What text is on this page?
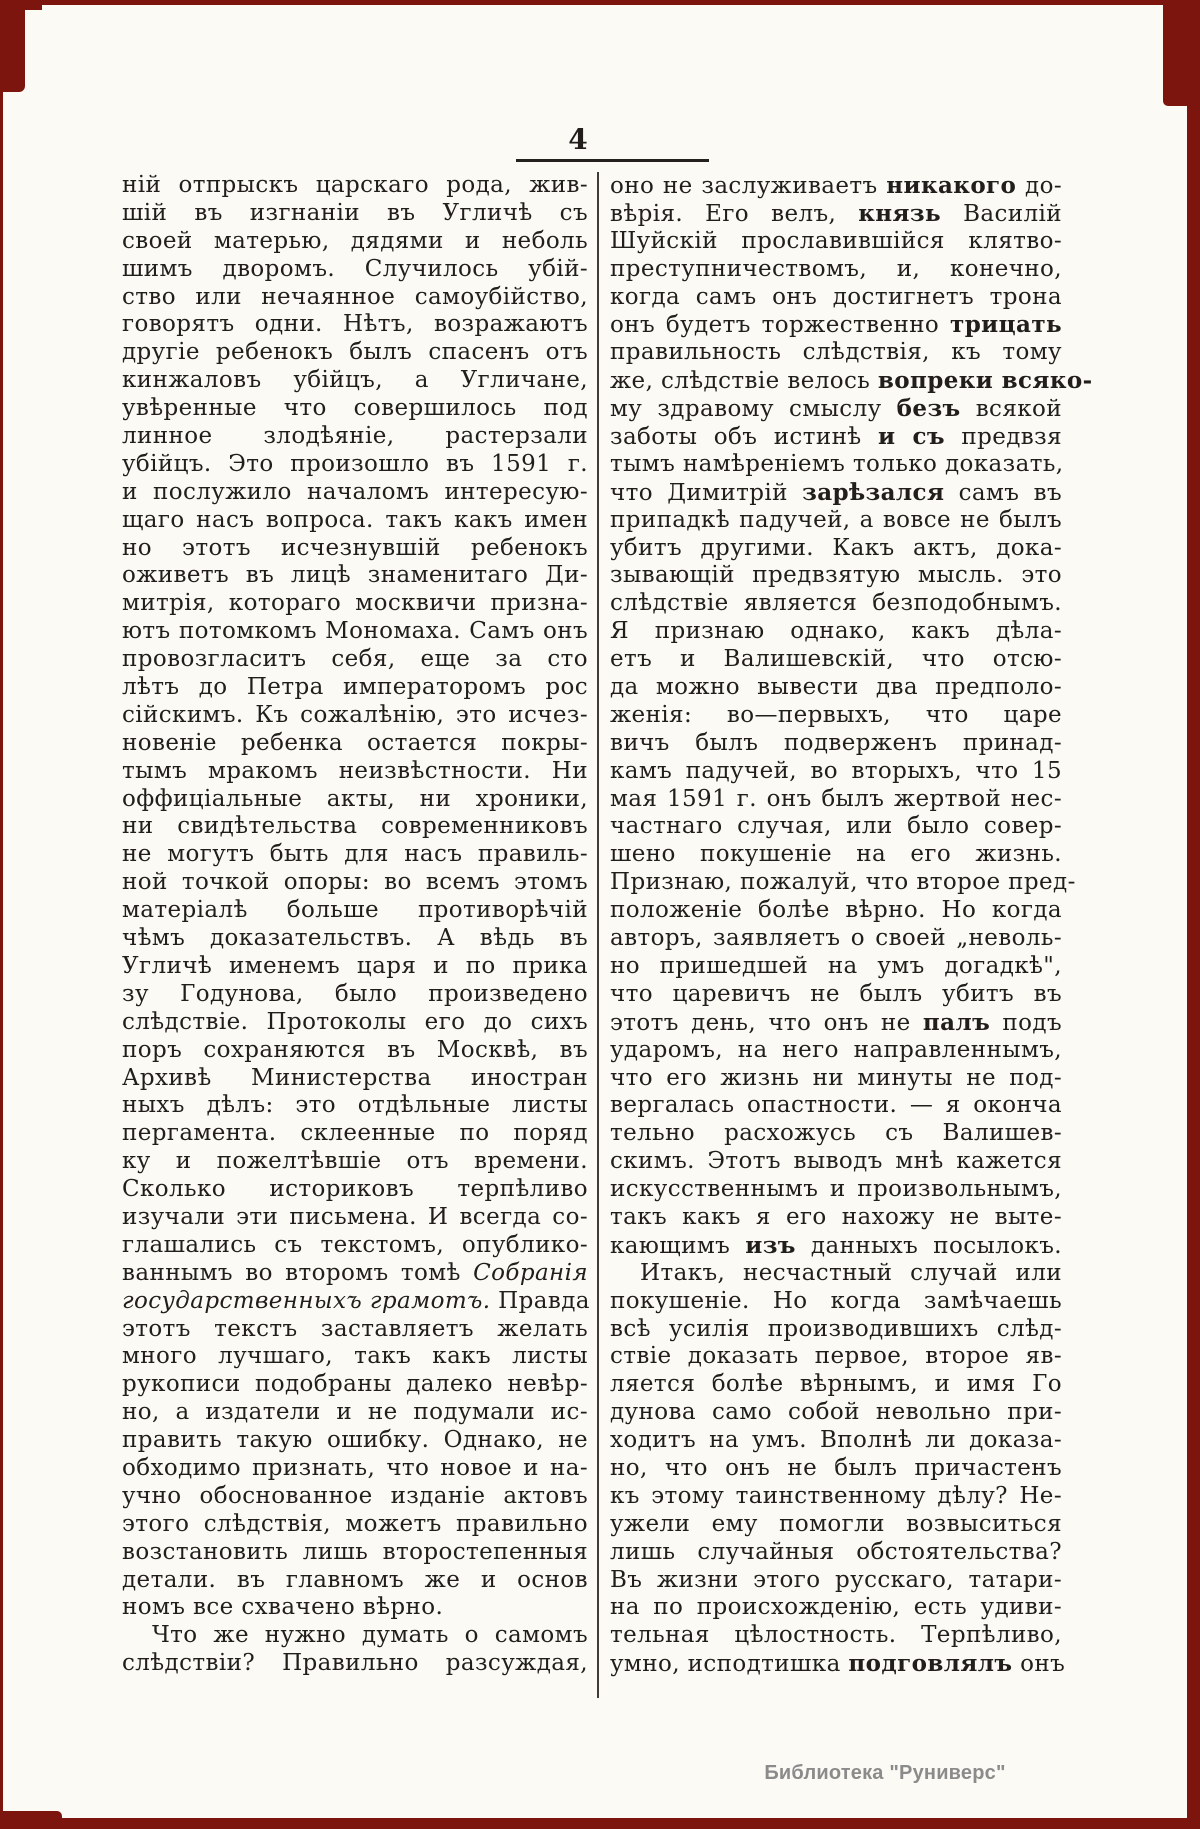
4
ній отпрыскъ царскаго рода, жив-
шій въ изгнаніи въ Угличѣ съ
своей матерью, дядями и неболь
шимъ дворомъ. Случилось убій-
ство или нечаянное самоубійство,
говорятъ одни. Нѣтъ, возражаютъ
другіе ребенокъ былъ спасенъ отъ
кинжаловъ убійцъ, а Угличане,
увѣренные что совершилось под
линное злодѣяніе, растерзали
убійцъ. Это произошло въ 1591 г.
и послужило началомъ интересую-
щаго насъ вопроса. такъ какъ имен
но этотъ исчезнувшій ребенокъ
оживетъ въ лицѣ знаменитаго Ди-
митрія, котораго москвичи призна-
ютъ потомкомъ Мономаха. Самъ онъ
провозгласитъ себя, еще за сто
лѣтъ до Петра императоромъ рос
сійскимъ. Къ сожалѣнію, это исчез-
новеніе ребенка остается покры-
тымъ мракомъ неизвѣстности. Ни
оффиціальные акты, ни хроники,
ни свидѣтельства современниковъ
не могутъ быть для насъ правиль-
ной точкой опоры: во всемъ этомъ
матеріалѣ больше противорѣчій
чѣмъ доказательствъ. А вѣдь въ
Угличѣ именемъ царя и по прика
зу Годунова, было произведено
слѣдствіе. Протоколы его до сихъ
поръ сохраняются въ Москвѣ, въ
Архивѣ Министерства иностран
ныхъ дѣлъ: это отдѣльные листы
пергамента. склеенные по поряд
ку и пожелтѣвшіе отъ времени.
Сколько историковъ терпѣливо
изучали эти письмена. И всегда со-
глашались съ текстомъ, опублико-
ваннымъ во второмъ томѣ Собранія
государственныхъ грамотъ. Правда
этотъ текстъ заставляетъ желать
много лучшаго, такъ какъ листы
рукописи подобраны далеко невѣр-
но, а издатели и не подумали ис-
править такую ошибку. Однако, не
обходимо признать, что новое и на-
учно обоснованное изданіе актовъ
этого слѣдствія, можетъ правильно
возстановить лишь второстепенныя
детали. въ главномъ же и основ
номъ все схвачено вѣрно.
Что же нужно думать о самомъ
слѣдствіи? Правильно разсуждая,
оно не заслуживаетъ никакого до-
вѣрія. Его велъ, князь Василій
Шуйскій прославившійся клятво-
преступничествомъ, и, конечно,
когда самъ онъ достигнетъ трона
онъ будетъ торжественно трицать
правильность слѣдствія, къ тому
же, слѣдствіе велось вопреки всяко-
му здравому смыслу безъ всякой
заботы объ истинѣ и съ предвзя
тымъ намѣреніемъ только доказать,
что Димитрій зарѣзался самъ въ
припадкѣ падучей, а вовсе не былъ
убитъ другими. Какъ актъ, дока-
зывающій предвзятую мысль. это
слѣдствіе является безподобнымъ.
Я признаю однако, какъ дѣла-
етъ и Валишевскій, что отсю-
да можно вывести два предполо-
женія: во—первыхъ, что царе
вичъ былъ подверженъ принад-
камъ падучей, во вторыхъ, что 15
мая 1591 г. онъ былъ жертвой нес-
частнаго случая, или было совер-
шено покушеніе на его жизнь.
Признаю, пожалуй, что второе пред-
положеніе болѣе вѣрно. Но когда
авторъ, заявляетъ о своей „неволь-
но пришедшей на умъ догадкѣ",
что царевичъ не былъ убитъ въ
этотъ день, что онъ не палъ подъ
ударомъ, на него направленнымъ,
что его жизнь ни минуты не под-
вергалась опастности. — я оконча
тельно расхожусь съ Валишев-
скимъ. Этотъ выводъ мнѣ кажется
искусственнымъ и произвольнымъ,
такъ какъ я его нахожу не выте-
кающимъ изъ данныхъ посылокъ.
Итакъ, несчастный случай или
покушеніе. Но когда замѣчаешь
всѣ усилія производившихъ слѣд-
ствіе доказать первое, второе яв-
ляется болѣе вѣрнымъ, и имя Го
дунова само собой невольно при-
ходитъ на умъ. Вполнѣ ли доказа-
но, что онъ не былъ причастенъ
къ этому таинственному дѣлу? Не-
ужели ему помогли возвыситься
лишь случайныя обстоятельства?
Въ жизни этого русскаго, татари-
на по происхожденію, есть удиви-
тельная цѣлостность. Терпѣливо,
умно, исподтишка подговлялъ онъ
Библиотека "Руниверс"
